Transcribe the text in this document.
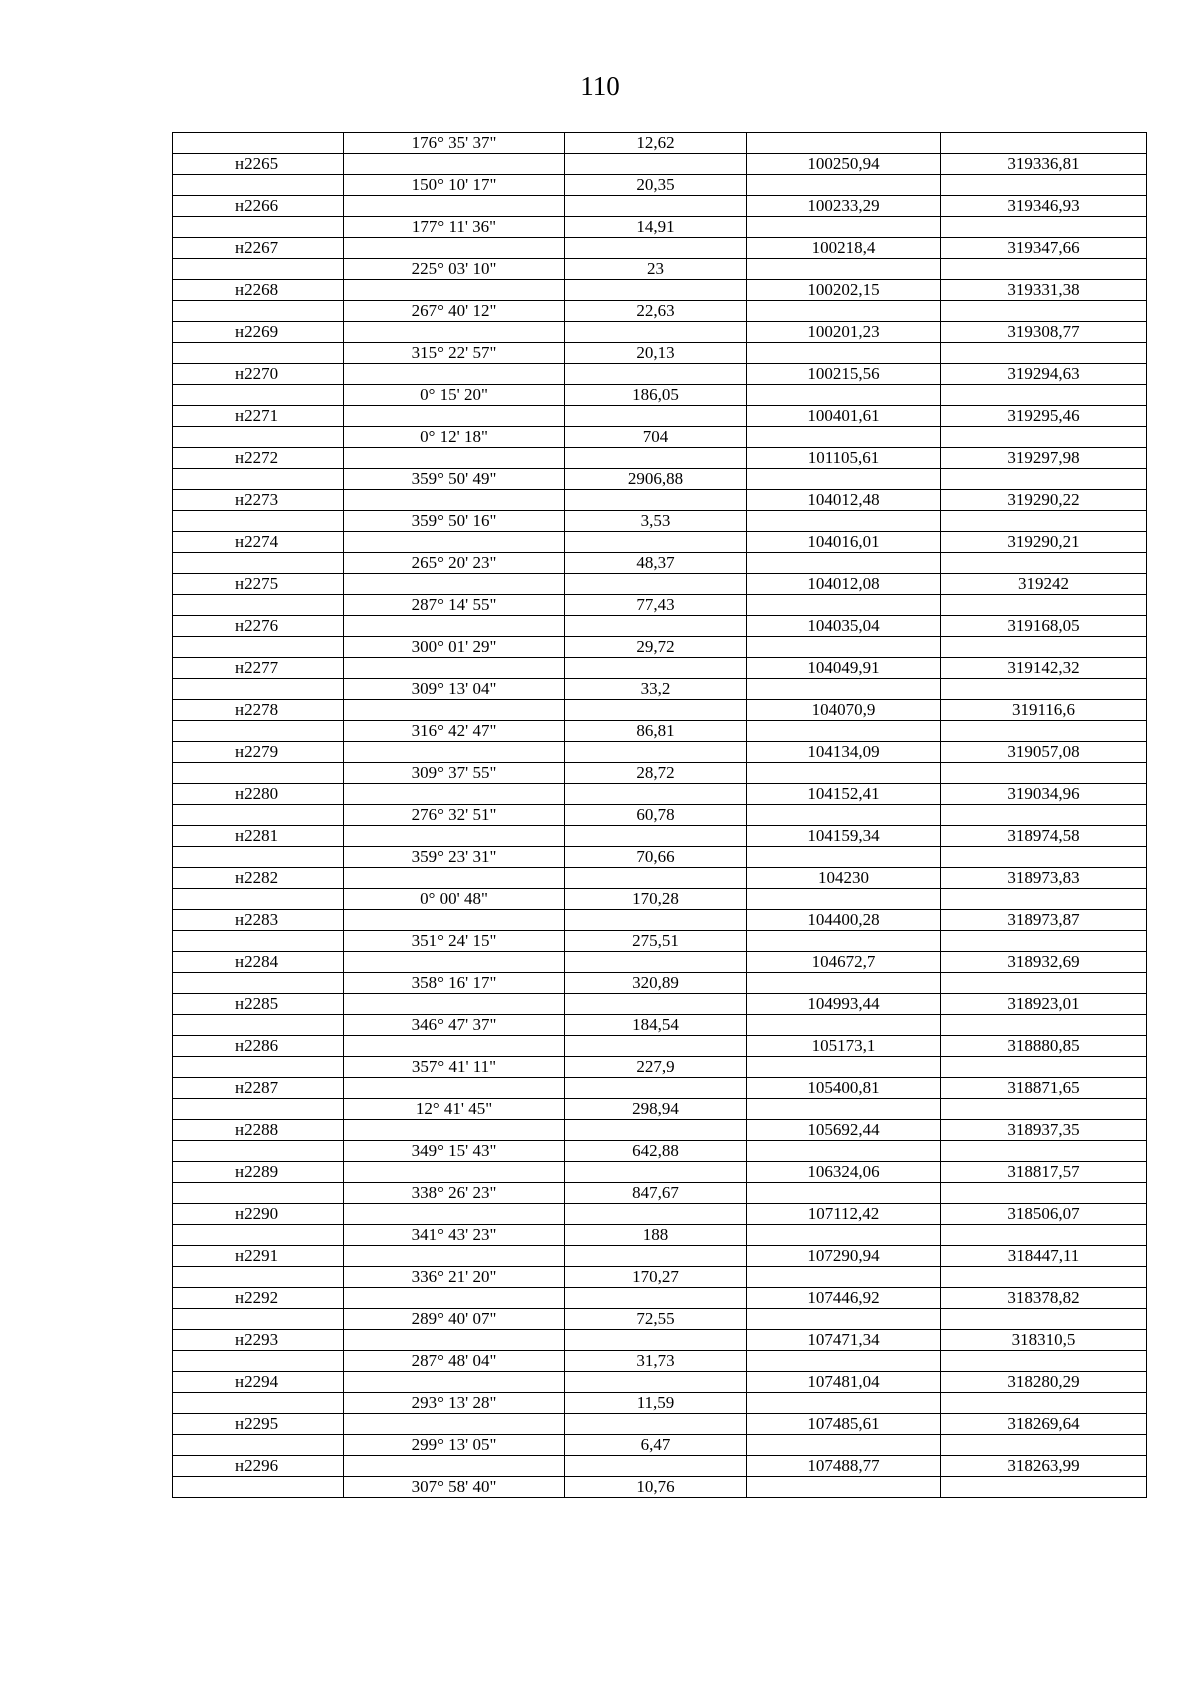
110
	176° 35' 37"	12,62		
н2265			100250,94	319336,81
	150° 10' 17"	20,35		
н2266			100233,29	319346,93
	177° 11' 36"	14,91		
н2267			100218,4	319347,66
	225° 03' 10"	23		
н2268			100202,15	319331,38
	267° 40' 12"	22,63		
н2269			100201,23	319308,77
	315° 22' 57"	20,13		
н2270			100215,56	319294,63
	0° 15' 20"	186,05		
н2271			100401,61	319295,46
	0° 12' 18"	704		
н2272			101105,61	319297,98
	359° 50' 49"	2906,88		
н2273			104012,48	319290,22
	359° 50' 16"	3,53		
н2274			104016,01	319290,21
	265° 20' 23"	48,37		
н2275			104012,08	319242
	287° 14' 55"	77,43		
н2276			104035,04	319168,05
	300° 01' 29"	29,72		
н2277			104049,91	319142,32
	309° 13' 04"	33,2		
н2278			104070,9	319116,6
	316° 42' 47"	86,81		
н2279			104134,09	319057,08
	309° 37' 55"	28,72		
н2280			104152,41	319034,96
	276° 32' 51"	60,78		
н2281			104159,34	318974,58
	359° 23' 31"	70,66		
н2282			104230	318973,83
	0° 00' 48"	170,28		
н2283			104400,28	318973,87
	351° 24' 15"	275,51		
н2284			104672,7	318932,69
	358° 16' 17"	320,89		
н2285			104993,44	318923,01
	346° 47' 37"	184,54		
н2286			105173,1	318880,85
	357° 41' 11"	227,9		
н2287			105400,81	318871,65
	12° 41' 45"	298,94		
н2288			105692,44	318937,35
	349° 15' 43"	642,88		
н2289			106324,06	318817,57
	338° 26' 23"	847,67		
н2290			107112,42	318506,07
	341° 43' 23"	188		
н2291			107290,94	318447,11
	336° 21' 20"	170,27		
н2292			107446,92	318378,82
	289° 40' 07"	72,55		
н2293			107471,34	318310,5
	287° 48' 04"	31,73		
н2294			107481,04	318280,29
	293° 13' 28"	11,59		
н2295			107485,61	318269,64
	299° 13' 05"	6,47		
н2296			107488,77	318263,99
	307° 58' 40"	10,76		
